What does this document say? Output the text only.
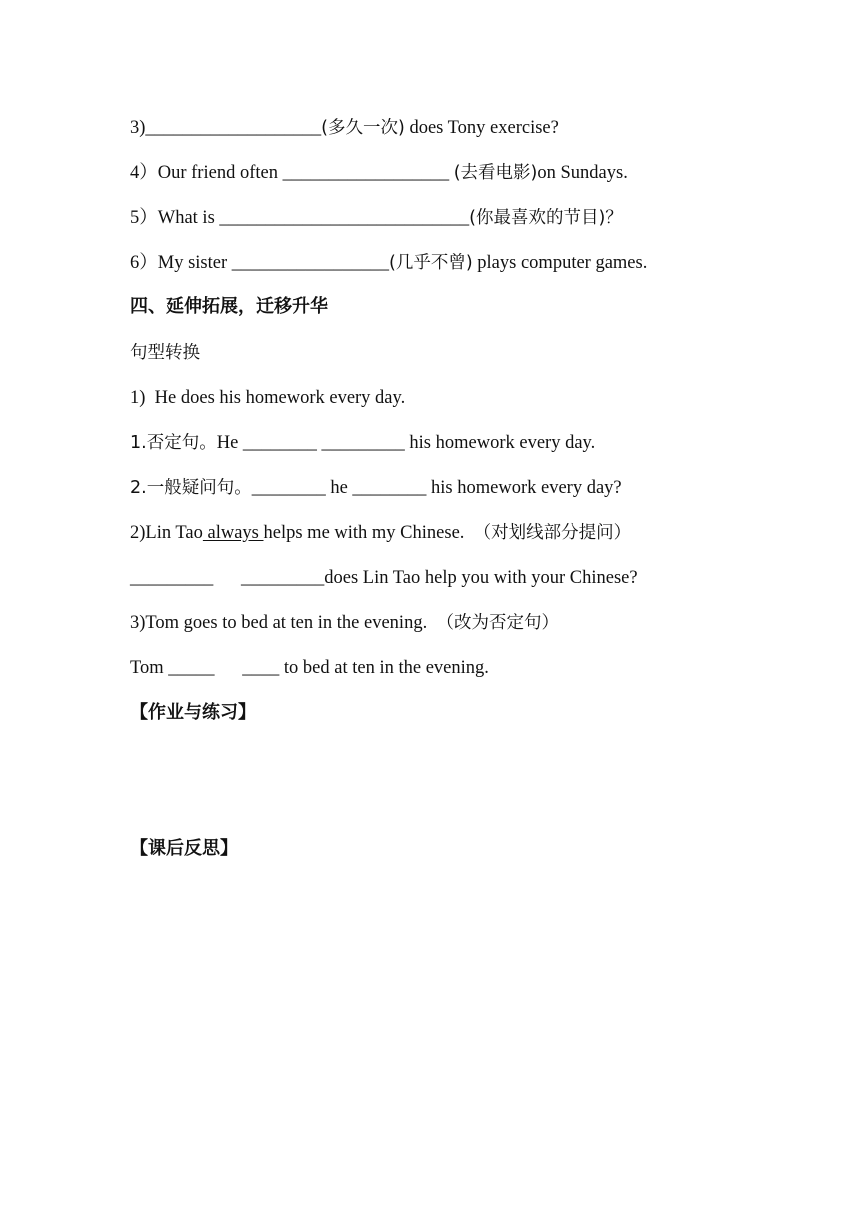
3)___________________(多久一次) does Tony exercise?
4）Our friend often __________________ (去看电影)on Sundays.
5）What is ___________________________(你最喜欢的节目)？
6）My sister _________________(几乎不曾) plays computer games.
四、延伸拓展，迁移升华
句型转换
1)  He does his homework every day.
1.否定句。He ________ _________ his homework every day.
2.一般疑问句。________ he ________ his homework every day?
2)Lin Tao always helps me with my Chinese.  （对划线部分提问）
_________      _________does Lin Tao help you with your Chinese?
3)Tom goes to bed at ten in the evening.  （改为否定句）
Tom _____      ____ to bed at ten in the evening.
【作业与练习】
【课后反思】
